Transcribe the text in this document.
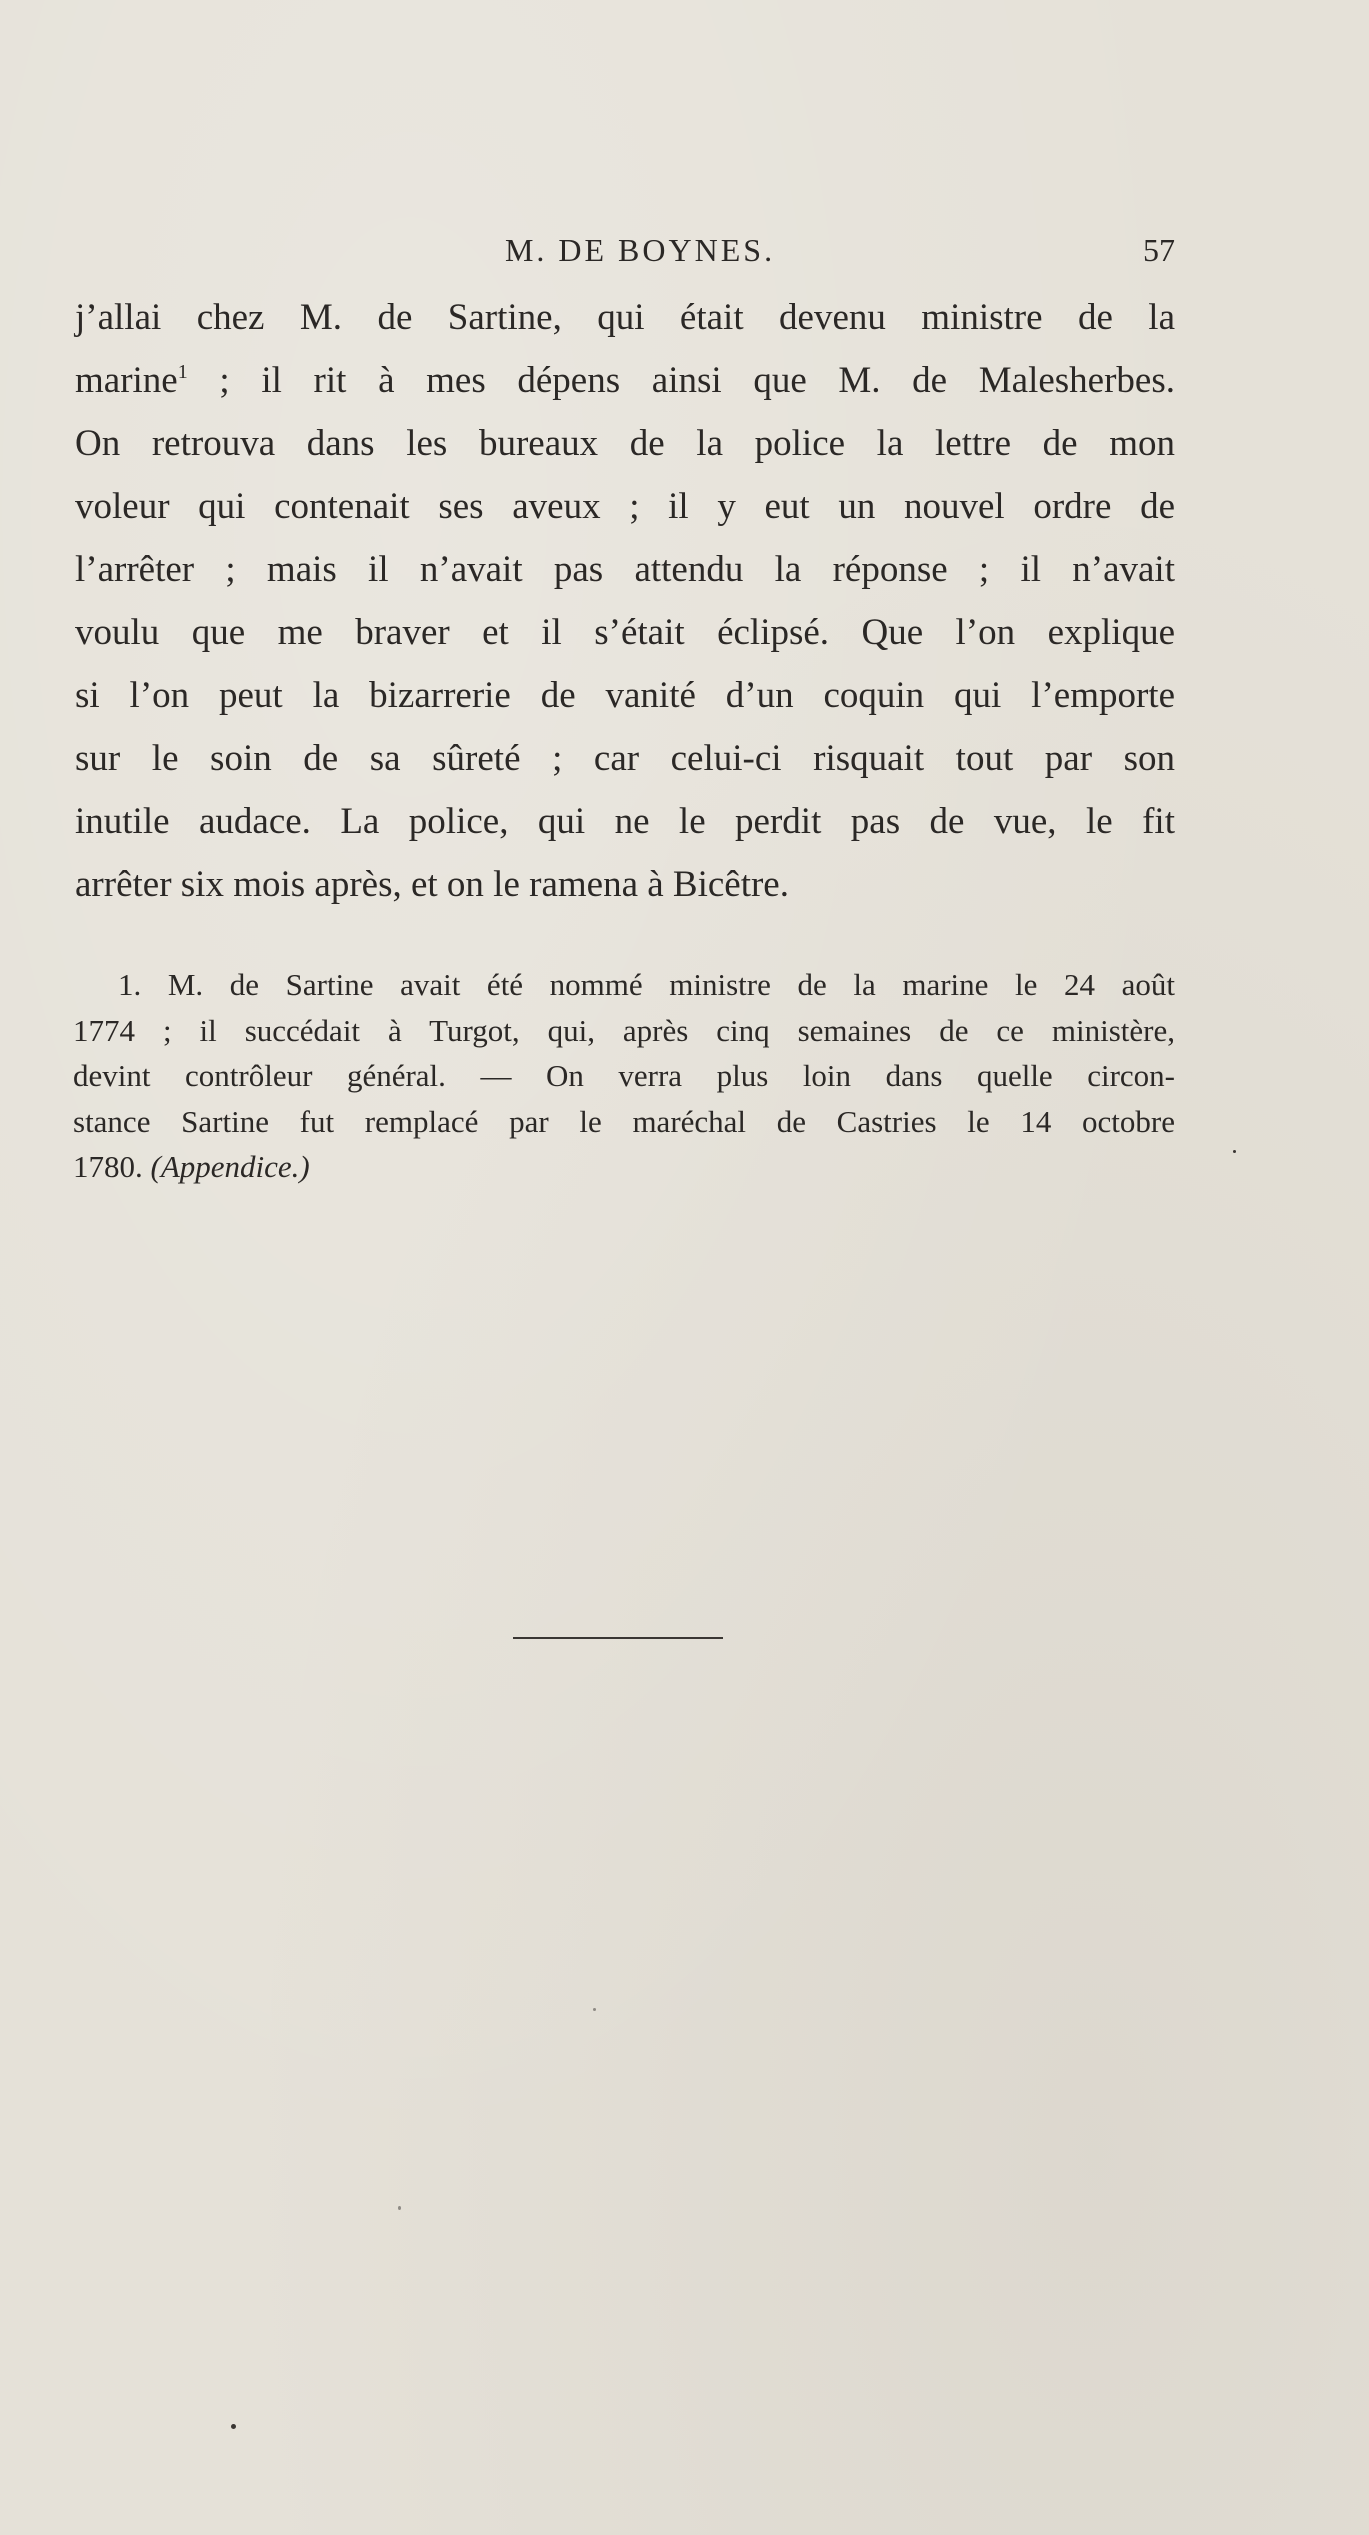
M. DE BOYNES.	57
j’allai chez M. de Sartine, qui était devenu ministre de la
marine$^1$ ; il rit à mes dépens ainsi que M. de Malesherbes.
On retrouva dans les bureaux de la police la lettre de mon
voleur qui contenait ses aveux ; il y eut un nouvel ordre de
l’arrêter ; mais il n’avait pas attendu la réponse ; il n’avait
voulu que me braver et il s’était éclipsé. Que l’on explique
si l’on peut la bizarrerie de vanité d’un coquin qui l’emporte
sur le soin de sa sûreté ; car celui-ci risquait tout par son
inutile audace. La police, qui ne le perdit pas de vue, le fit
arrêter six mois après, et on le ramena à Bicêtre.
1. M. de Sartine avait été nommé ministre de la marine le 24 août
1774 ; il succédait à Turgot, qui, après cinq semaines de ce ministère,
devint contrôleur général. — On verra plus loin dans quelle circon-
stance Sartine fut remplacé par le maréchal de Castries le 14 octobre
1780. (Appendice.)
